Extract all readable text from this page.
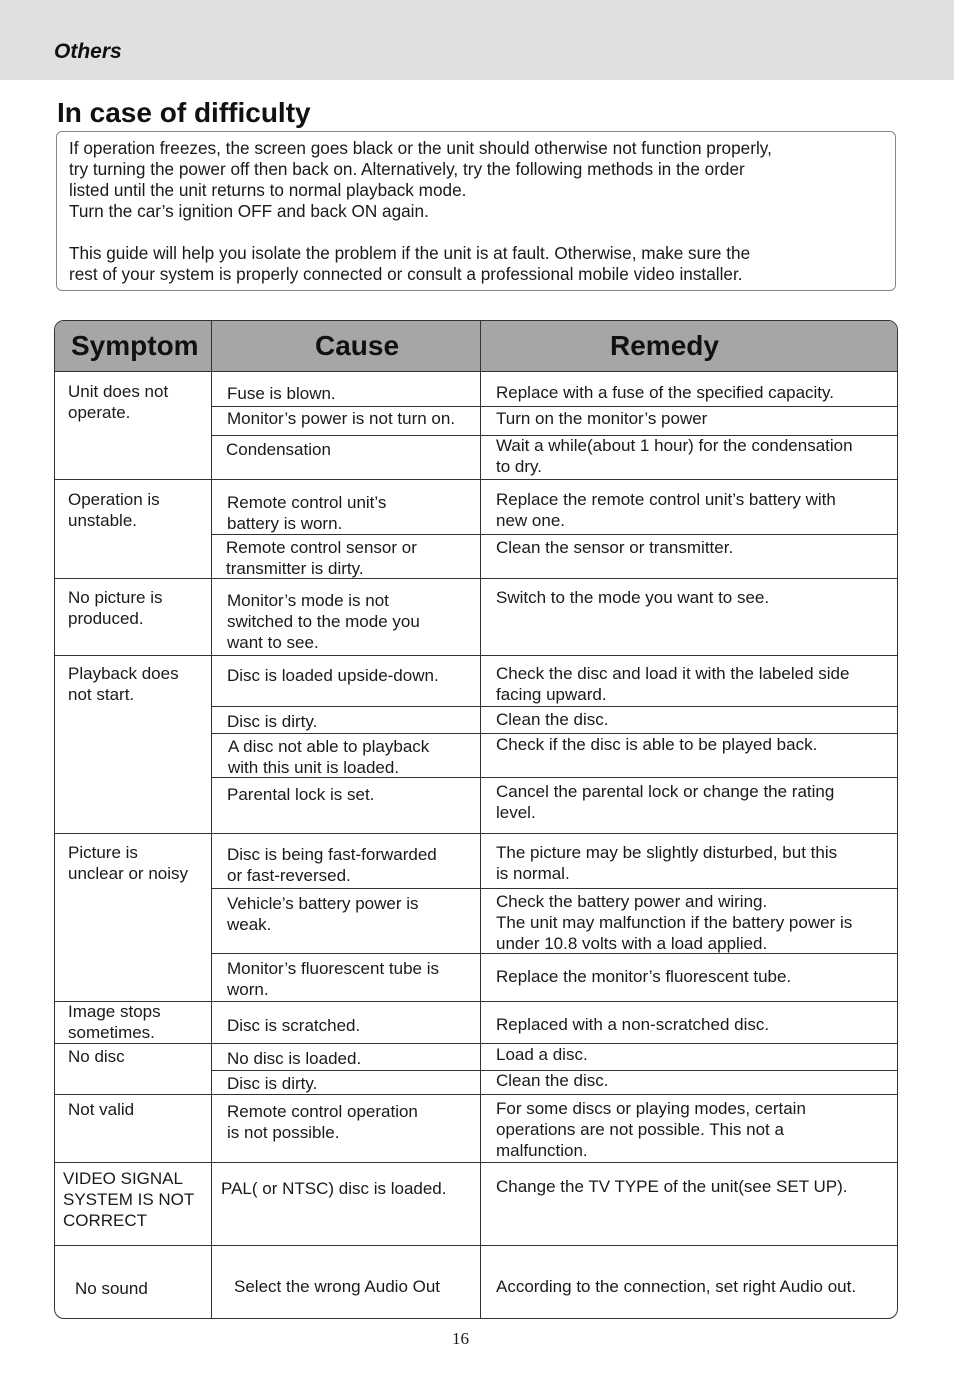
Others
In case of difficulty

If operation freezes, the screen goes black or the unit should otherwise not function properly,
try turning the power off then back on. Alternatively, try the following methods in the order
listed until the unit returns to normal playback mode.
Turn the car’s ignition OFF and back ON again.

This guide will help you isolate the problem if the unit is at fault. Otherwise, make sure the
rest of your system is properly connected or consult a professional mobile video installer.

Symptom	Cause	Remedy
Unit does not
operate.
Operation is
unstable.
No picture is
produced.
Playback does
not start.
Picture is
unclear or noisy
Image stops
sometimes.
No disc
Not valid
VIDEO SIGNAL
SYSTEM IS NOT
CORRECT
No sound
Fuse is blown.
Monitor’s power is not turn on.
Condensation
Remote control unit’s
battery is worn.
Remote control sensor or
transmitter is dirty.
Monitor’s mode is not
switched to the mode you
want to see.
Disc is loaded upside-down.
Disc is dirty.
A disc not able to playback
with this unit is loaded.
Parental lock is set.
Disc is being fast-forwarded
or fast-reversed.
Vehicle’s battery power is
weak.
Monitor’s fluorescent tube is
worn.
Disc is scratched.
No disc is loaded.
Disc is dirty.
Remote control operation
is not possible.
PAL( or NTSC) disc is loaded.
Select the wrong Audio Out
Replace with a fuse of the specified capacity.
Turn on the monitor’s power
Wait a while(about 1 hour) for the condensation
to dry.
Replace the remote control unit’s battery with
new one.
Clean the sensor or transmitter.
Switch to the mode you want to see.
Check the disc and load it with the labeled side
facing upward.
Clean the disc.
Check if the disc is able to be played back.
Cancel the parental lock or change the rating
level.
The picture may be slightly disturbed, but this
is normal.
Check the battery power and wiring.
The unit may malfunction if the battery power is
under 10.8 volts with a load applied.
Replace the monitor’s fluorescent tube.
Replaced with a non-scratched disc.
Load a disc.
Clean the disc.
For some discs or playing modes, certain
operations are not possible. This not a
malfunction.
Change the TV TYPE of the unit(see SET UP).
According to the connection, set right Audio out.
16
